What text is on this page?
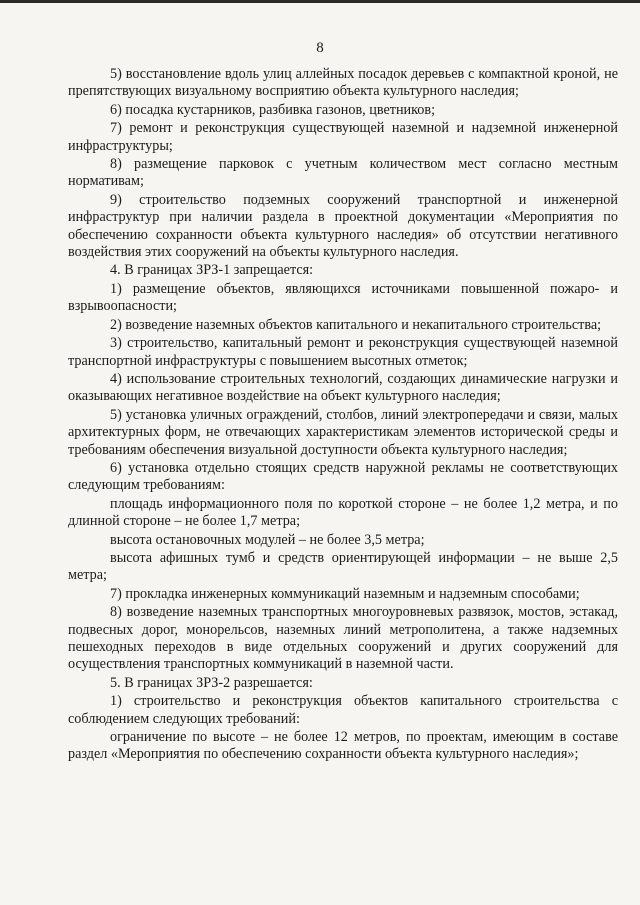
8

5) восстановление вдоль улиц аллейных посадок деревьев с компактной кроной, не препятствующих визуальному восприятию объекта культурного наследия;

6) посадка кустарников, разбивка газонов, цветников;

7) ремонт и реконструкция существующей наземной и надземной инженерной инфраструктуры;

8) размещение парковок с учетным количеством мест согласно местным нормативам;

9) строительство подземных сооружений транспортной и инженерной инфраструктур при наличии раздела в проектной документации «Мероприятия по обеспечению сохранности объекта культурного наследия» об отсутствии негативного воздействия этих сооружений на объекты культурного наследия.

4. В границах ЗРЗ-1 запрещается:

1) размещение объектов, являющихся источниками повышенной пожаро- и взрывоопасности;

2) возведение наземных объектов капитального и некапитального строительства;

3) строительство, капитальный ремонт и реконструкция существующей наземной транспортной инфраструктуры с повышением высотных отметок;

4) использование строительных технологий, создающих динамические нагрузки и оказывающих негативное воздействие на объект культурного наследия;

5) установка уличных ограждений, столбов, линий электропередачи и связи, малых архитектурных форм, не отвечающих характеристикам элементов исторической среды и требованиям обеспечения визуальной доступности объекта культурного наследия;

6) установка отдельно стоящих средств наружной рекламы не соответствующих следующим требованиям:

площадь информационного поля по короткой стороне – не более 1,2 метра, и по длинной стороне – не более 1,7 метра;

высота остановочных модулей – не более 3,5 метра;

высота афишных тумб и средств ориентирующей информации – не выше 2,5 метра;

7) прокладка инженерных коммуникаций наземным и надземным способами;

8) возведение наземных транспортных многоуровневых развязок, мостов, эстакад, подвесных дорог, монорельсов, наземных линий метрополитена, а также надземных пешеходных переходов в виде отдельных сооружений и других сооружений для осуществления транспортных коммуникаций в наземной части.

5. В границах ЗРЗ-2 разрешается:

1) строительство и реконструкция объектов капитального строительства с соблюдением следующих требований:

ограничение по высоте – не более 12 метров, по проектам, имеющим в составе раздел «Мероприятия по обеспечению сохранности объекта культурного наследия»;
